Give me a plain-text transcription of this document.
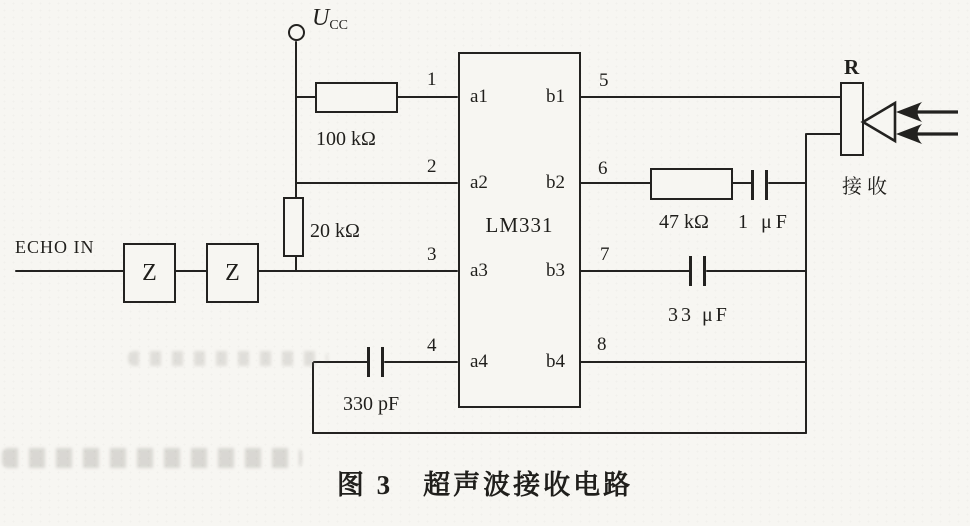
$U_{CC}$
100 kΩ
20 kΩ	47 kΩ 1 μF
33 μF
330 pF
ECHO IN
Z	Z
LM331
1
2
3
4
5
6
7
8
a1
a2
a3
a4
b1
b2
b3
b4
R
接收
图 3　超声波接收电路
